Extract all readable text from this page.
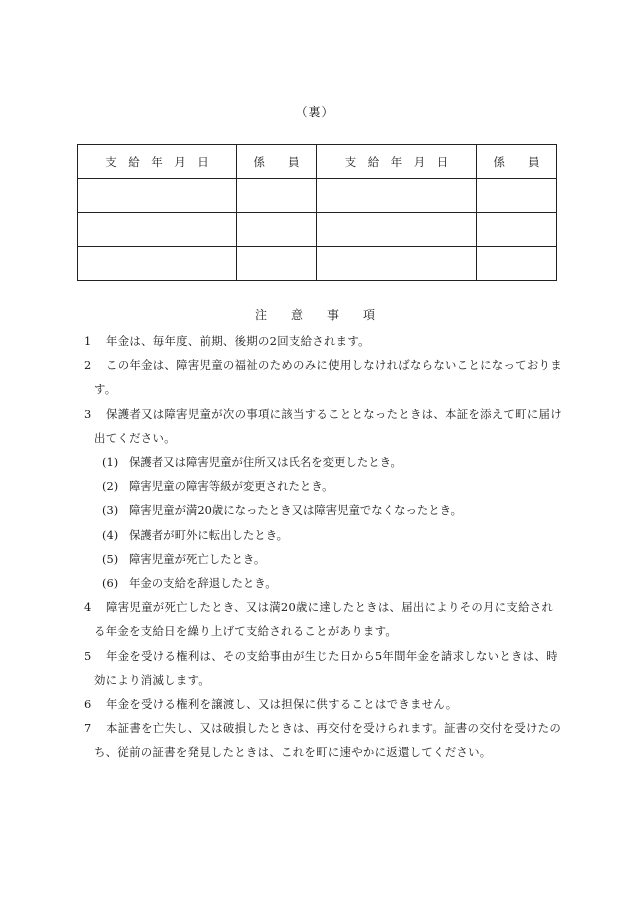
（裏）
支　給　年　月　日	係　　員	支　給　年　月　日	係　　員

注　　意　　事　　項
1 年金は、毎年度、前期、後期の2回支給されます。
2 この年金は、障害児童の福祉のためのみに使用しなければならないことになっております。
3 保護者又は障害児童が次の事項に該当することとなったときは、本証を添えて町に届け出てください。
(1) 保護者又は障害児童が住所又は氏名を変更したとき。
(2) 障害児童の障害等級が変更されたとき。
(3) 障害児童が満20歳になったとき又は障害児童でなくなったとき。
(4) 保護者が町外に転出したとき。
(5) 障害児童が死亡したとき。
(6) 年金の支給を辞退したとき。
4 障害児童が死亡したとき、又は満20歳に達したときは、届出によりその月に支給される年金を支給日を繰り上げて支給されることがあります。
5 年金を受ける権利は、その支給事由が生じた日から5年間年金を請求しないときは、時効により消滅します。
6 年金を受ける権利を譲渡し、又は担保に供することはできません。
7 本証書を亡失し、又は破損したときは、再交付を受けられます。証書の交付を受けたのち、従前の証書を発見したときは、これを町に速やかに返還してください。
